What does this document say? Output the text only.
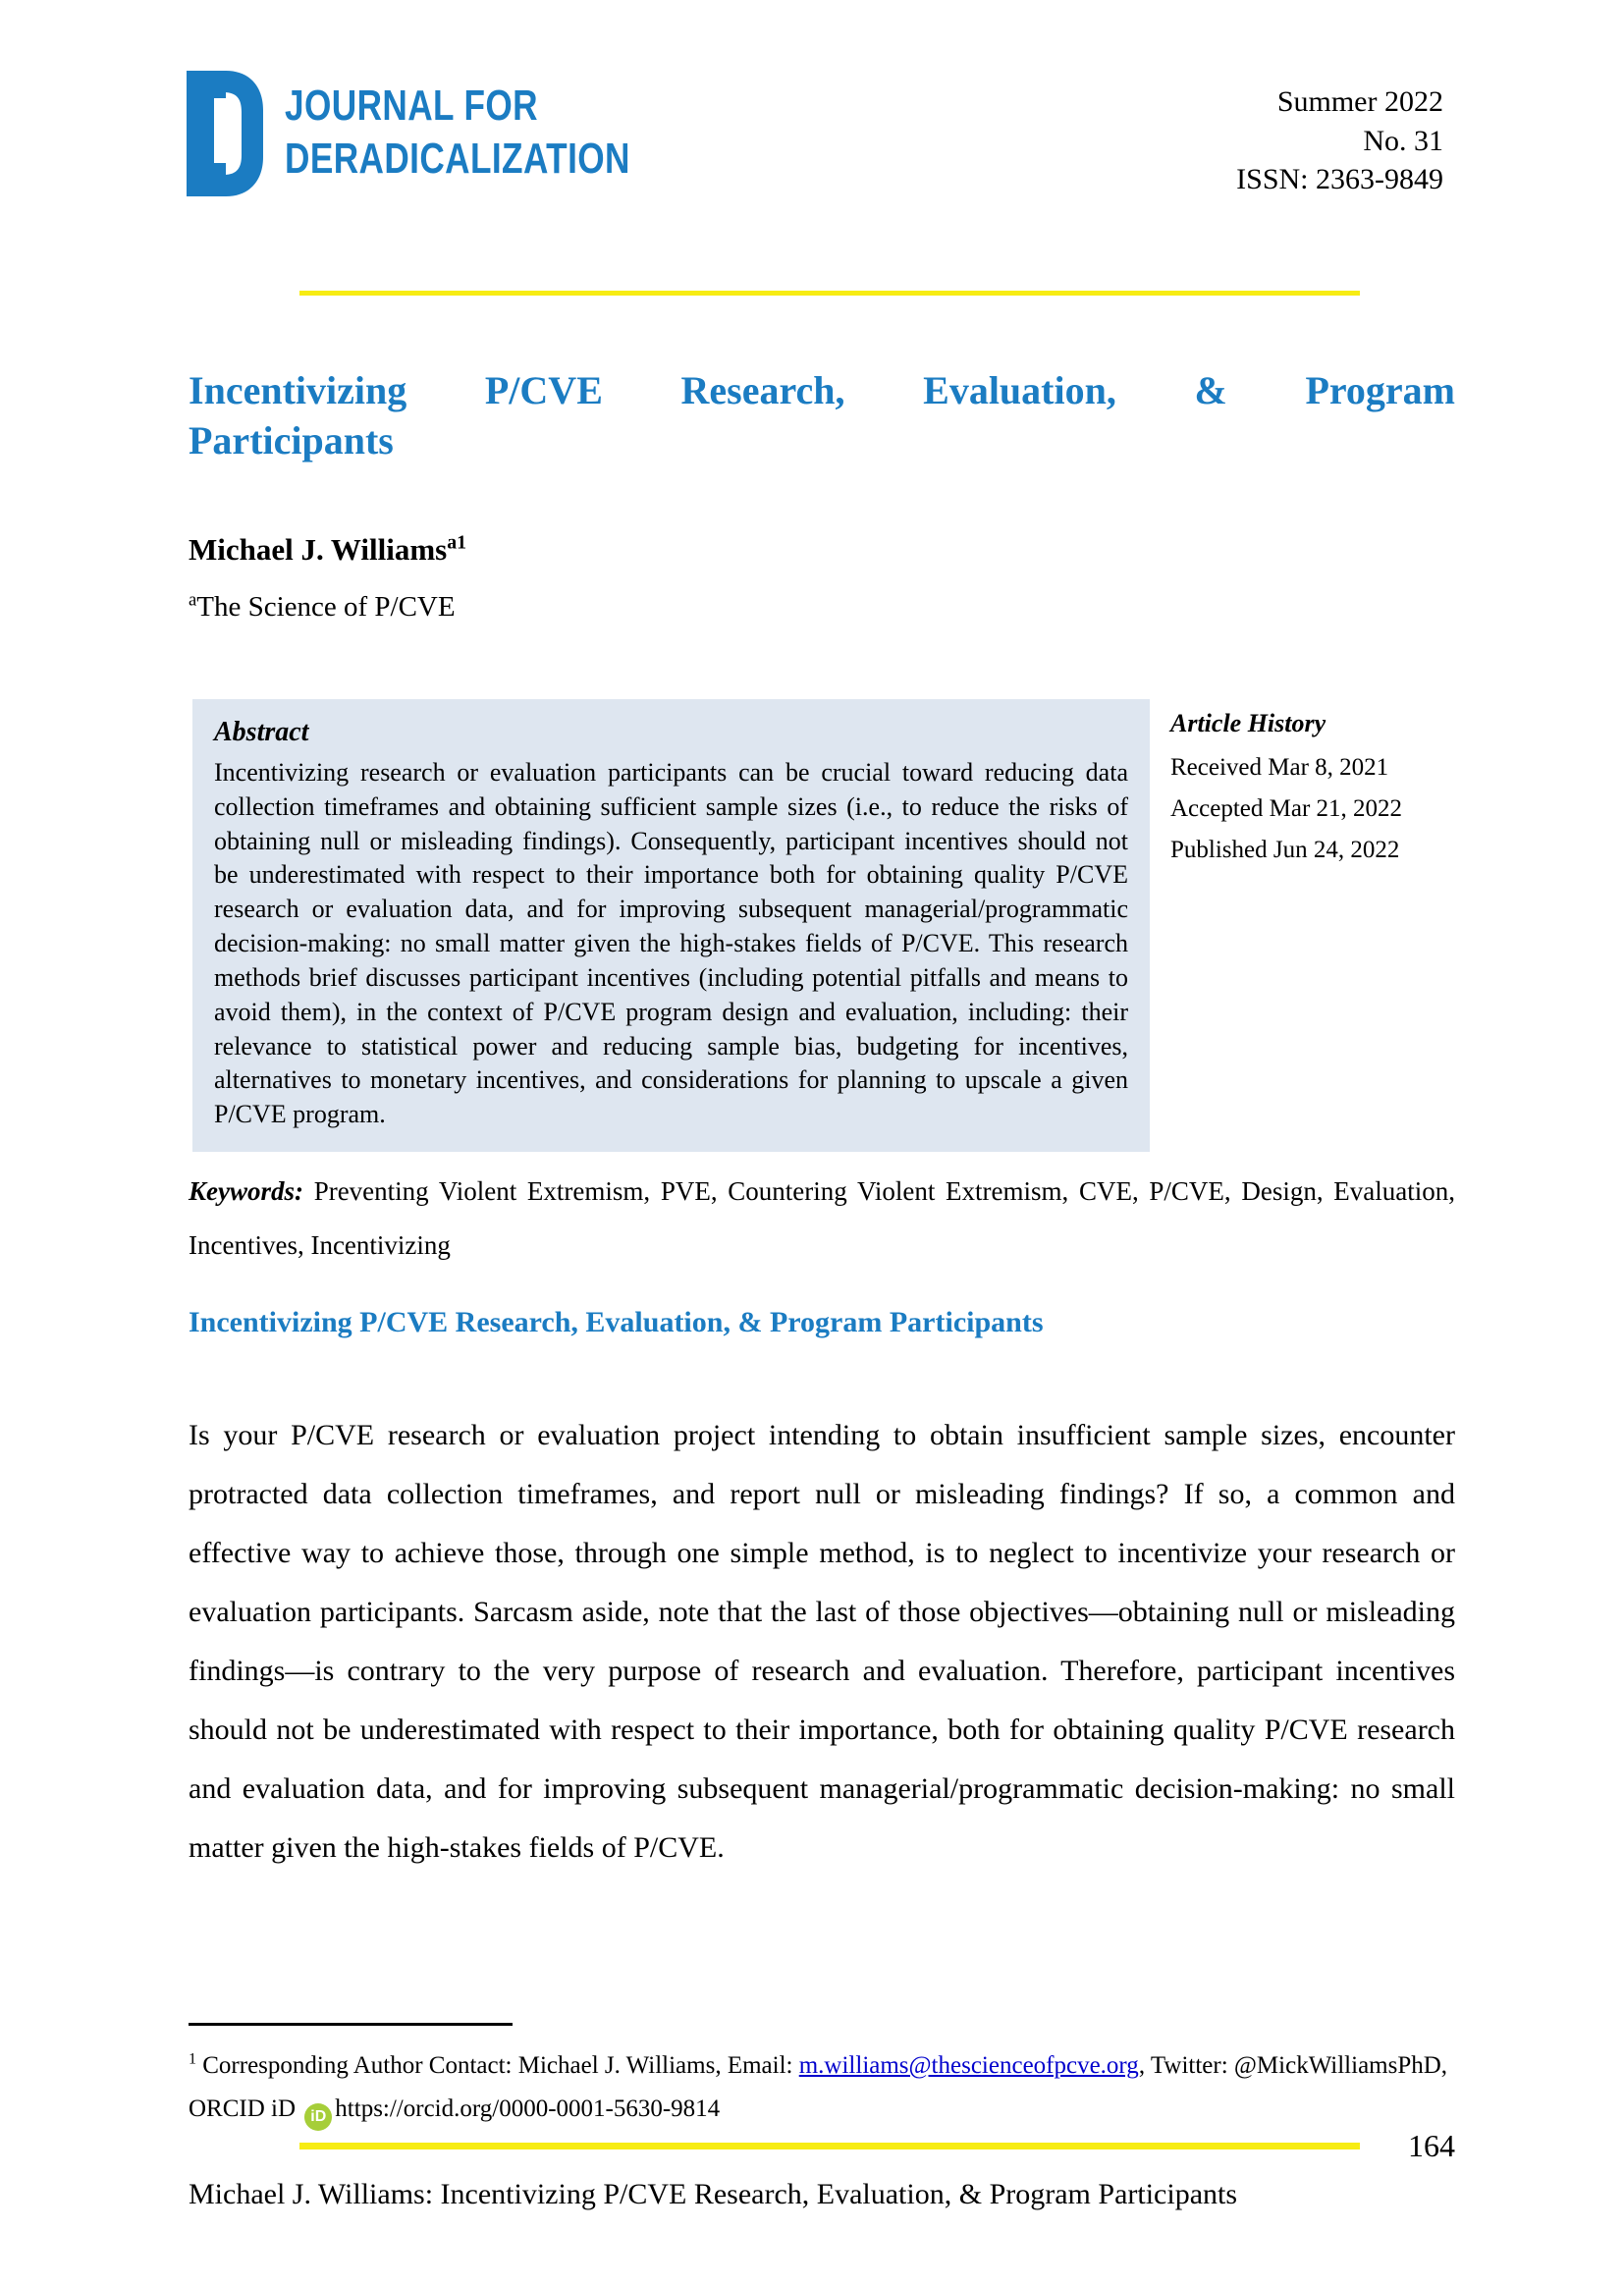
JOURNAL FOR
DERADICALIZATION
Summer 2022
No. 31
ISSN: 2363-9849
Incentivizing P/CVE Research, Evaluation, & Program
Participants
Michael J. Williams$^{a1}$
$^a$The Science of P/CVE
Abstract

Incentivizing research or evaluation participants can be crucial toward reducing data collection timeframes and obtaining sufficient sample sizes (i.e., to reduce the risks of obtaining null or misleading findings). Consequently, participant incentives should not be underestimated with respect to their importance both for obtaining quality P/CVE research or evaluation data, and for improving subsequent managerial/programmatic decision-making: no small matter given the high-stakes fields of P/CVE. This research methods brief discusses participant incentives (including potential pitfalls and means to avoid them), in the context of P/CVE program design and evaluation, including: their relevance to statistical power and reducing sample bias, budgeting for incentives, alternatives to monetary incentives, and considerations for planning to upscale a given P/CVE program.

Article History
Received Mar 8, 2021
Accepted Mar 21, 2022
Published Jun 24, 2022
Keywords: Preventing Violent Extremism, PVE, Countering Violent Extremism, CVE, P/CVE, Design, Evaluation, Incentives, Incentivizing
Incentivizing P/CVE Research, Evaluation, & Program Participants
Is your P/CVE research or evaluation project intending to obtain insufficient sample sizes, encounter protracted data collection timeframes, and report null or misleading findings? If so, a common and effective way to achieve those, through one simple method, is to neglect to incentivize your research or evaluation participants. Sarcasm aside, note that the last of those objectives—obtaining null or misleading findings—is contrary to the very purpose of research and evaluation. Therefore, participant incentives should not be underestimated with respect to their importance, both for obtaining quality P/CVE research and evaluation data, and for improving subsequent managerial/programmatic decision-making: no small matter given the high-stakes fields of P/CVE.
$^1$ Corresponding Author Contact: Michael J. Williams, Email: m.williams@thescienceofpcve.org, Twitter: @MickWilliamsPhD, ORCID iD iD https://orcid.org/0000-0001-5630-9814
164
Michael J. Williams: Incentivizing P/CVE Research, Evaluation, & Program Participants
